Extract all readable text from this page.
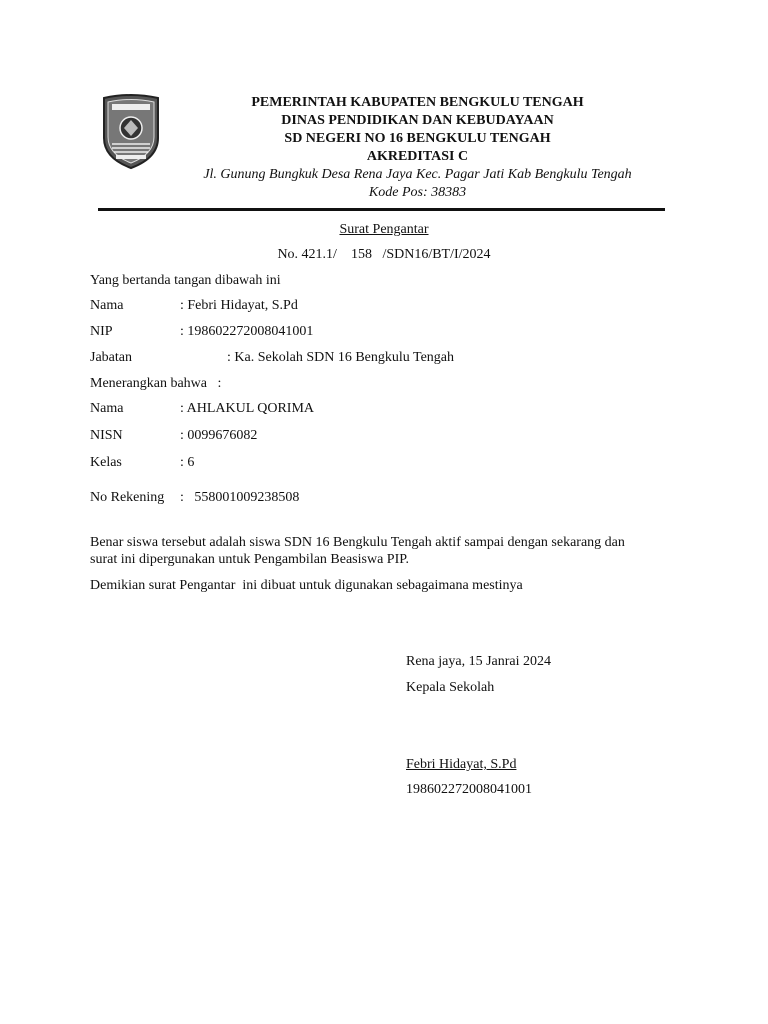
PEMERINTAH KABUPATEN BENGKULU TENGAH
DINAS PENDIDIKAN DAN KEBUDAYAAN
SD NEGERI NO 16 BENGKULU TENGAH
AKREDITASI C
Jl. Gunung Bungkuk Desa Rena Jaya Kec. Pagar Jati Kab Bengkulu Tengah
Kode Pos: 38383
Surat Pengantar
No. 421.1/    158   /SDN16/BT/I/2024
Yang bertanda tangan dibawah ini
Nama	: Febri Hidayat, S.Pd
NIP	: 198602272008041001
Jabatan	: Ka. Sekolah SDN 16 Bengkulu Tengah
Menerangkan bahwa   :
Nama	: AHLAKUL QORIMA
NISN	: 0099676082
Kelas	: 6
No Rekening :   558001009238508
Benar siswa tersebut adalah siswa SDN 16 Bengkulu Tengah aktif sampai dengan sekarang dan
surat ini dipergunakan untuk Pengambilan Beasiswa PIP.
Demikian surat Pengantar  ini dibuat untuk digunakan sebagaimana mestinya
Rena jaya, 15 Janrai 2024
Kepala Sekolah
Febri Hidayat, S.Pd
198602272008041001
